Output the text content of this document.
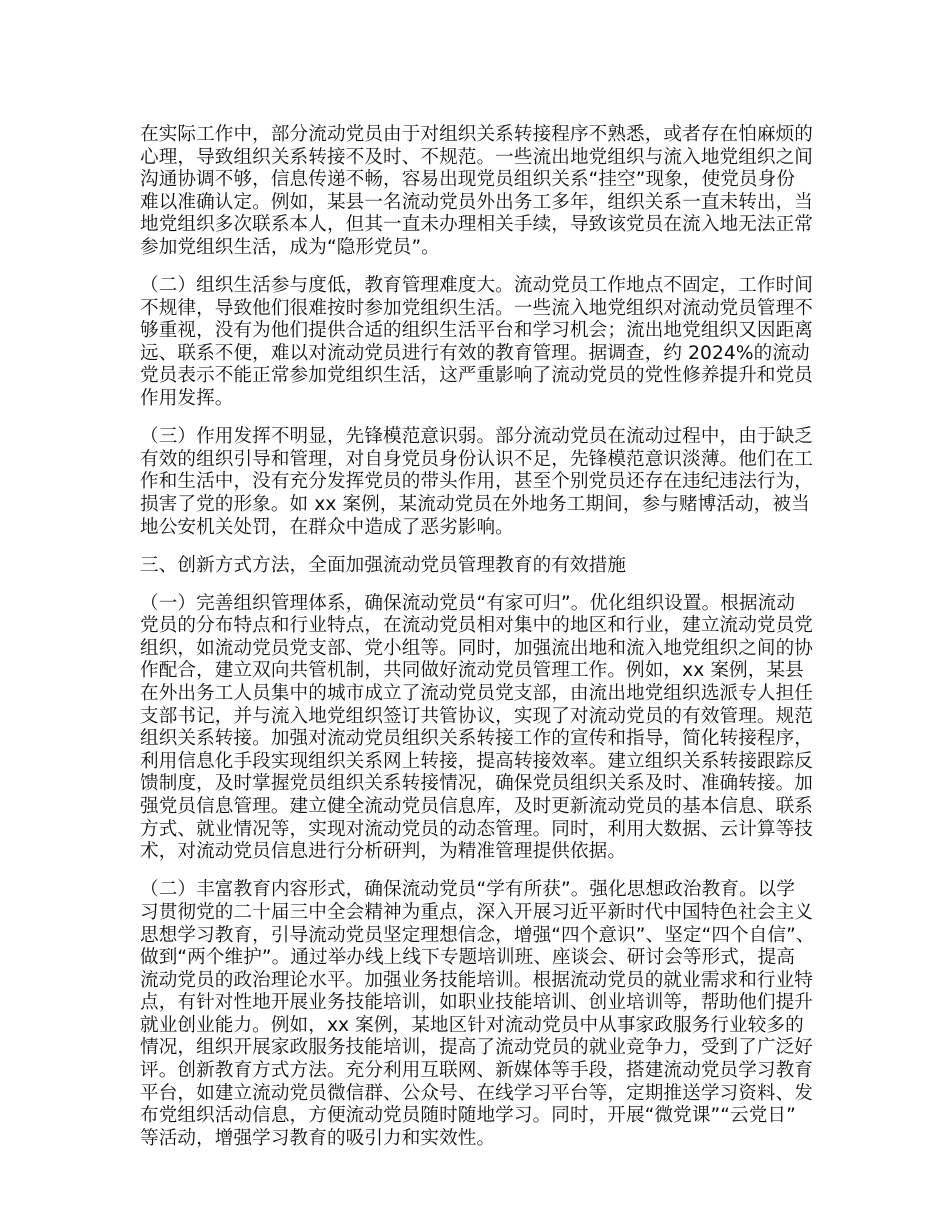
在实际工作中，部分流动党员由于对组织关系转接程序不熟悉，或者存在怕麻烦的
心理，导致组织关系转接不及时、不规范。一些流出地党组织与流入地党组织之间
沟通协调不够，信息传递不畅，容易出现党员组织关系“挂空”现象，使党员身份
难以准确认定。例如，某县一名流动党员外出务工多年，组织关系一直未转出，当
地党组织多次联系本人，但其一直未办理相关手续，导致该党员在流入地无法正常
参加党组织生活，成为“隐形党员”。
（二）组织生活参与度低，教育管理难度大。流动党员工作地点不固定，工作时间
不规律，导致他们很难按时参加党组织生活。一些流入地党组织对流动党员管理不
够重视，没有为他们提供合适的组织生活平台和学习机会；流出地党组织又因距离
远、联系不便，难以对流动党员进行有效的教育管理。据调查，约 2024%的流动
党员表示不能正常参加党组织生活，这严重影响了流动党员的党性修养提升和党员
作用发挥。
（三）作用发挥不明显，先锋模范意识弱。部分流动党员在流动过程中，由于缺乏
有效的组织引导和管理，对自身党员身份认识不足，先锋模范意识淡薄。他们在工
作和生活中，没有充分发挥党员的带头作用，甚至个别党员还存在违纪违法行为，
损害了党的形象。如 xx 案例，某流动党员在外地务工期间，参与赌博活动，被当
地公安机关处罚，在群众中造成了恶劣影响。
三、创新方式方法，全面加强流动党员管理教育的有效措施
（一）完善组织管理体系，确保流动党员“有家可归”。优化组织设置。根据流动
党员的分布特点和行业特点，在流动党员相对集中的地区和行业，建立流动党员党
组织，如流动党员党支部、党小组等。同时，加强流出地和流入地党组织之间的协
作配合，建立双向共管机制，共同做好流动党员管理工作。例如，xx 案例，某县
在外出务工人员集中的城市成立了流动党员党支部，由流出地党组织选派专人担任
支部书记，并与流入地党组织签订共管协议，实现了对流动党员的有效管理。规范
组织关系转接。加强对流动党员组织关系转接工作的宣传和指导，简化转接程序，
利用信息化手段实现组织关系网上转接，提高转接效率。建立组织关系转接跟踪反
馈制度，及时掌握党员组织关系转接情况，确保党员组织关系及时、准确转接。加
强党员信息管理。建立健全流动党员信息库，及时更新流动党员的基本信息、联系
方式、就业情况等，实现对流动党员的动态管理。同时，利用大数据、云计算等技
术，对流动党员信息进行分析研判，为精准管理提供依据。
（二）丰富教育内容形式，确保流动党员“学有所获”。强化思想政治教育。以学
习贯彻党的二十届三中全会精神为重点，深入开展习近平新时代中国特色社会主义
思想学习教育，引导流动党员坚定理想信念，增强“四个意识”、坚定“四个自信”、
做到“两个维护”。通过举办线上线下专题培训班、座谈会、研讨会等形式，提高
流动党员的政治理论水平。加强业务技能培训。根据流动党员的就业需求和行业特
点，有针对性地开展业务技能培训，如职业技能培训、创业培训等，帮助他们提升
就业创业能力。例如，xx 案例，某地区针对流动党员中从事家政服务行业较多的
情况，组织开展家政服务技能培训，提高了流动党员的就业竞争力，受到了广泛好
评。创新教育方式方法。充分利用互联网、新媒体等手段，搭建流动党员学习教育
平台，如建立流动党员微信群、公众号、在线学习平台等，定期推送学习资料、发
布党组织活动信息，方便流动党员随时随地学习。同时，开展“微党课”“云党日”
等活动，增强学习教育的吸引力和实效性。
